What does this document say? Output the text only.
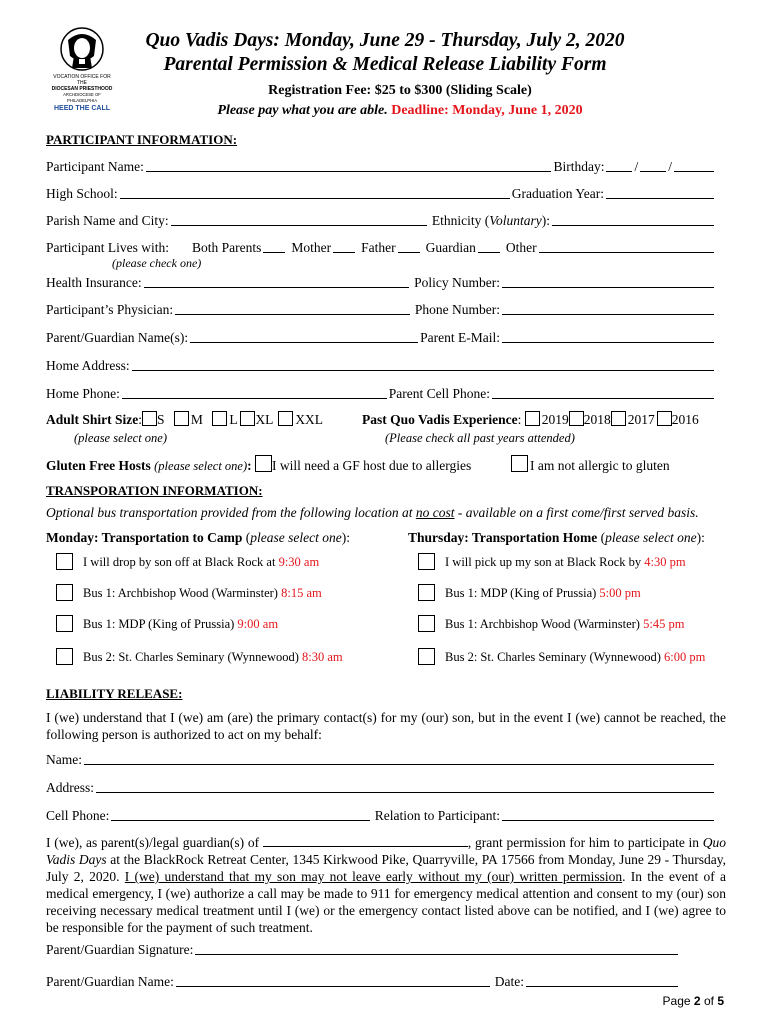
VOCATION OFFICE FOR THE
DIOCESAN PRIESTHOOD
ARCHDIOCESE OF PHILADELPHIA
HEED THE CALL
Quo Vadis Days: Monday, June 29 - Thursday, July 2, 2020
Parental Permission & Medical Release Liability Form
Registration Fee: $25 to $300 (Sliding Scale)
Please pay what you are able. Deadline: Monday, June 1, 2020
PARTICIPANT INFORMATION:
Participant Name:	Birthday: / /
High School:	Graduation Year:
Parish Name and City:	Ethnicity (Voluntary):
Participant Lives with: Both Parents Mother Father Guardian Other
(please check one)
Health Insurance:	Policy Number:
Participant’s Physician:	Phone Number:
Parent/Guardian Name(s):	Parent E-Mail:
Home Address:
Home Phone:	Parent Cell Phone:
Adult Shirt Size: S M L XL XXL
(please select one)
Past Quo Vadis Experience: 2019 2018 2017 2016
(Please check all past years attended)
Gluten Free Hosts (please select one): I will need a GF host due to allergies	I am not allergic to gluten
TRANSPORATION INFORMATION:
Optional bus transportation provided from the following location at no cost - available on a first come/first served basis.
Monday: Transportation to Camp (please select one):	Thursday: Transportation Home (please select one):
I will drop by son off at Black Rock at 9:30 am
Bus 1: Archbishop Wood (Warminster) 8:15 am
Bus 1: MDP (King of Prussia) 9:00 am
Bus 2: St. Charles Seminary (Wynnewood) 8:30 am
I will pick up my son at Black Rock by 4:30 pm
Bus 1: MDP (King of Prussia) 5:00 pm
Bus 1: Archbishop Wood (Warminster) 5:45 pm
Bus 2: St. Charles Seminary (Wynnewood) 6:00 pm
LIABILITY RELEASE:
I (we) understand that I (we) am (are) the primary contact(s) for my (our) son, but in the event I (we) cannot be reached, the following person is authorized to act on my behalf:
Name:
Address:
Cell Phone:	Relation to Participant:
I (we), as parent(s)/legal guardian(s) of	, grant permission for him to participate in Quo Vadis Days at the BlackRock Retreat Center, 1345 Kirkwood Pike, Quarryville, PA 17566 from Monday, June 29 - Thursday, July 2, 2020. I (we) understand that my son may not leave early without my (our) written permission. In the event of a medical emergency, I (we) authorize a call may be made to 911 for emergency medical attention and consent to my (our) son receiving necessary medical treatment until I (we) or the emergency contact listed above can be notified, and I (we) agree to be responsible for the payment of such treatment.
Parent/Guardian Signature:
Parent/Guardian Name:	Date:
Page 2 of 5
